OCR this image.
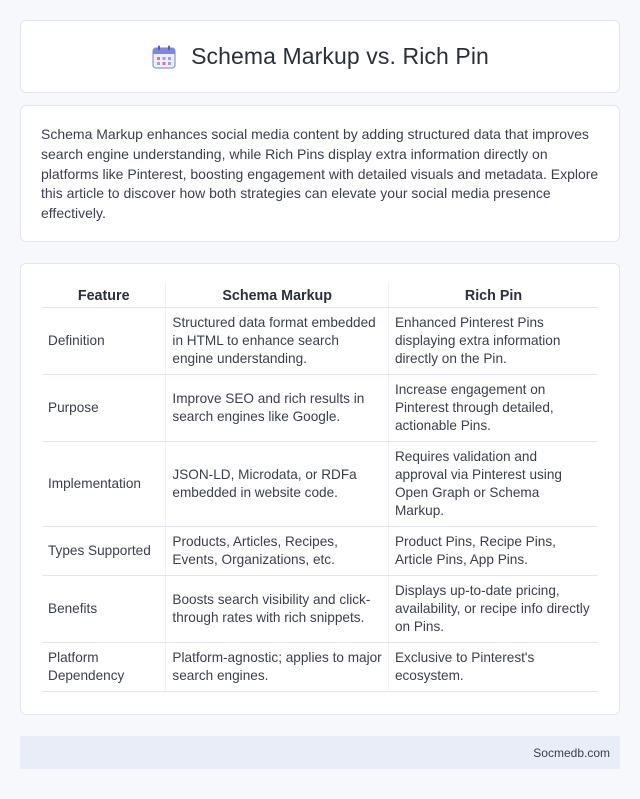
Schema Markup vs. Rich Pin

Schema Markup enhances social media content by adding structured data that improves search engine understanding, while Rich Pins display extra information directly on platforms like Pinterest, boosting engagement with detailed visuals and metadata. Explore this article to discover how both strategies can elevate your social media presence effectively.

Feature	Schema Markup	Rich Pin
Definition	Structured data format embedded in HTML to enhance search engine understanding.	Enhanced Pinterest Pins displaying extra information directly on the Pin.
Purpose	Improve SEO and rich results in search engines like Google.	Increase engagement on Pinterest through detailed, actionable Pins.
Implementation	JSON-LD, Microdata, or RDFa embedded in website code.	Requires validation and approval via Pinterest using Open Graph or Schema Markup.
Types Supported	Products, Articles, Recipes, Events, Organizations, etc.	Product Pins, Recipe Pins, Article Pins, App Pins.
Benefits	Boosts search visibility and click-through rates with rich snippets.	Displays up-to-date pricing, availability, or recipe info directly on Pins.
Platform Dependency	Platform-agnostic; applies to major search engines.	Exclusive to Pinterest's ecosystem.
Socmedb.com
